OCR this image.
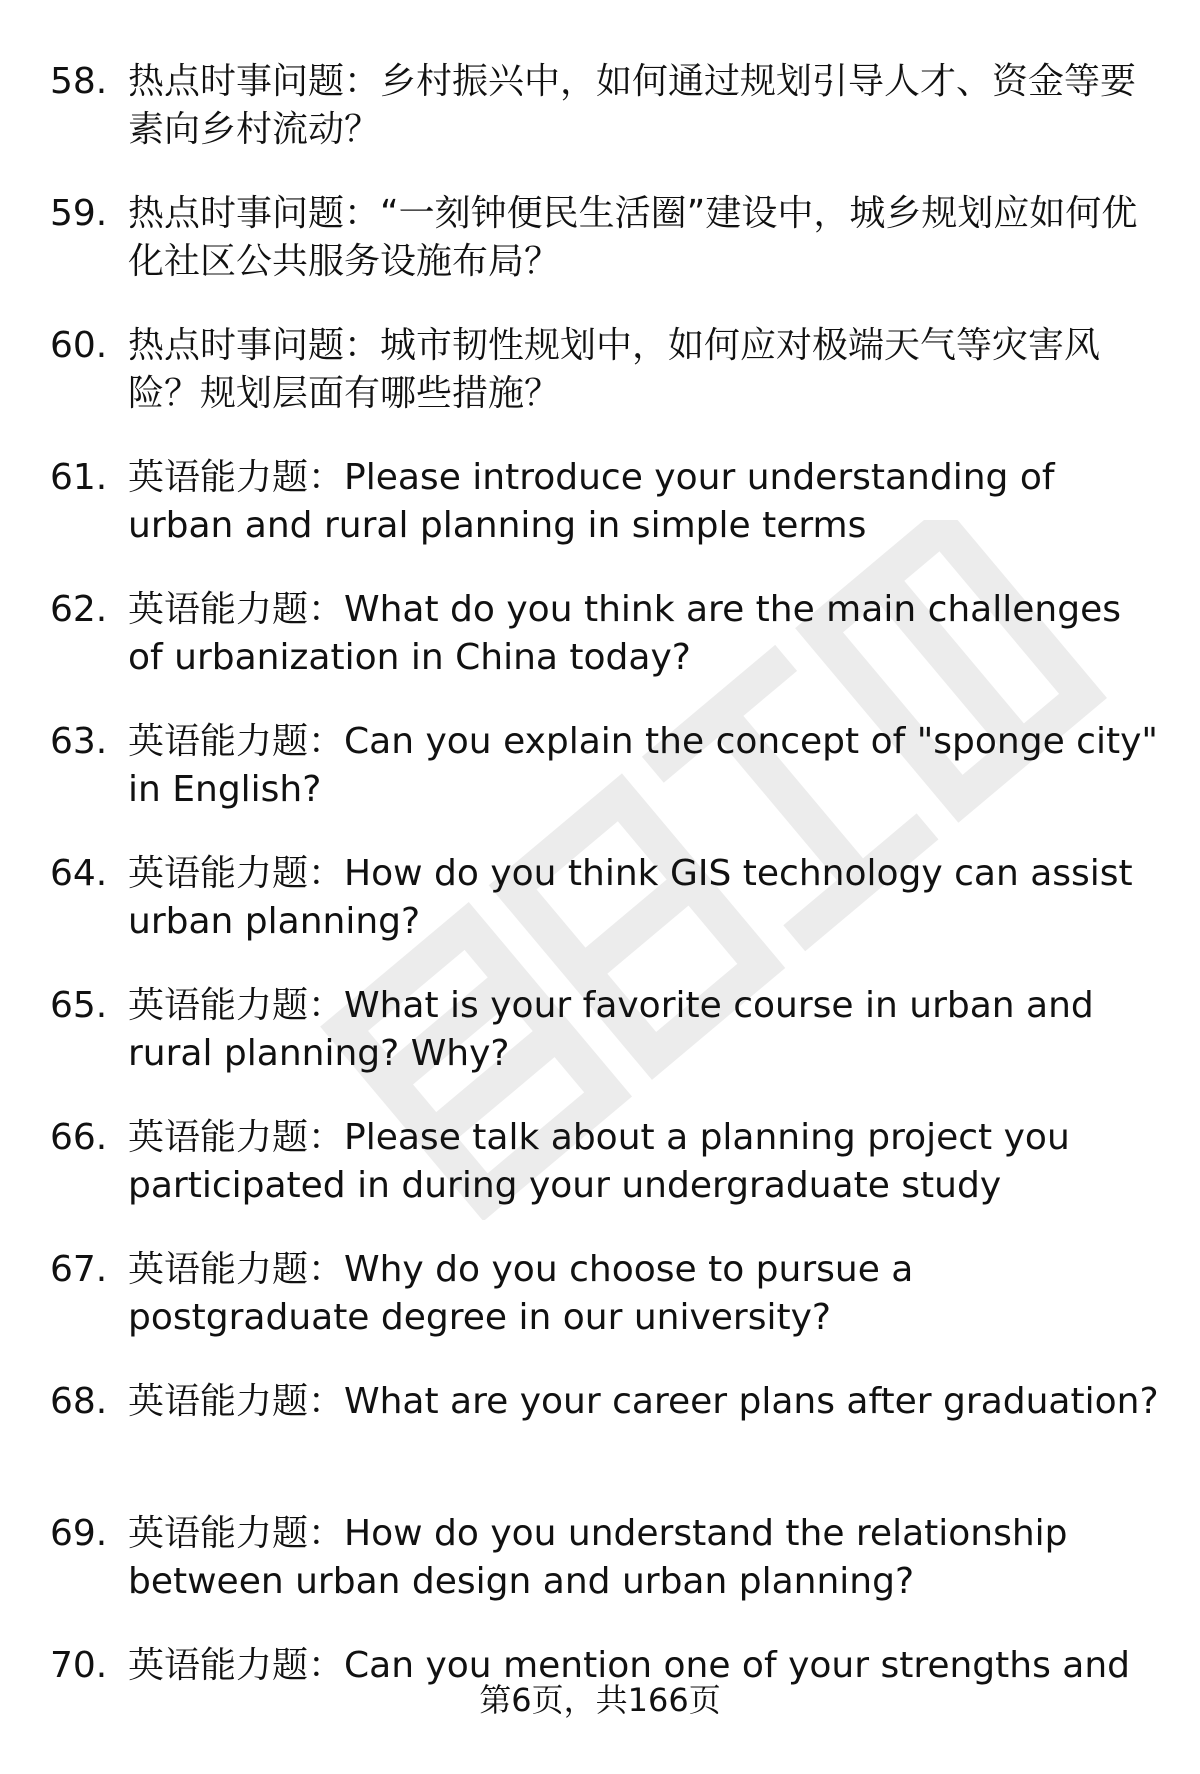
58. 热点时事问题：乡村振兴中，如何通过规划引导人才、资金等要素向乡村流动？
59. 热点时事问题：“一刻钟便民生活圈”建设中，城乡规划应如何优化社区公共服务设施布局？
60. 热点时事问题：城市韧性规划中，如何应对极端天气等灾害风险？规划层面有哪些措施？
61. 英语能力题：Please introduce your understanding of urban and rural planning in simple terms
62. 英语能力题：What do you think are the main challenges of urbanization in China today?
63. 英语能力题：Can you explain the concept of "sponge city" in English?
64. 英语能力题：How do you think GIS technology can assist urban planning?
65. 英语能力题：What is your favorite course in urban and rural planning? Why?
66. 英语能力题：Please talk about a planning project you participated in during your undergraduate study
67. 英语能力题：Why do you choose to pursue a postgraduate degree in our university?
68. 英语能力题：What are your career plans after graduation?
69. 英语能力题：How do you understand the relationship between urban design and urban planning?
70. 英语能力题：Can you mention one of your strengths and
第6页，共166页
